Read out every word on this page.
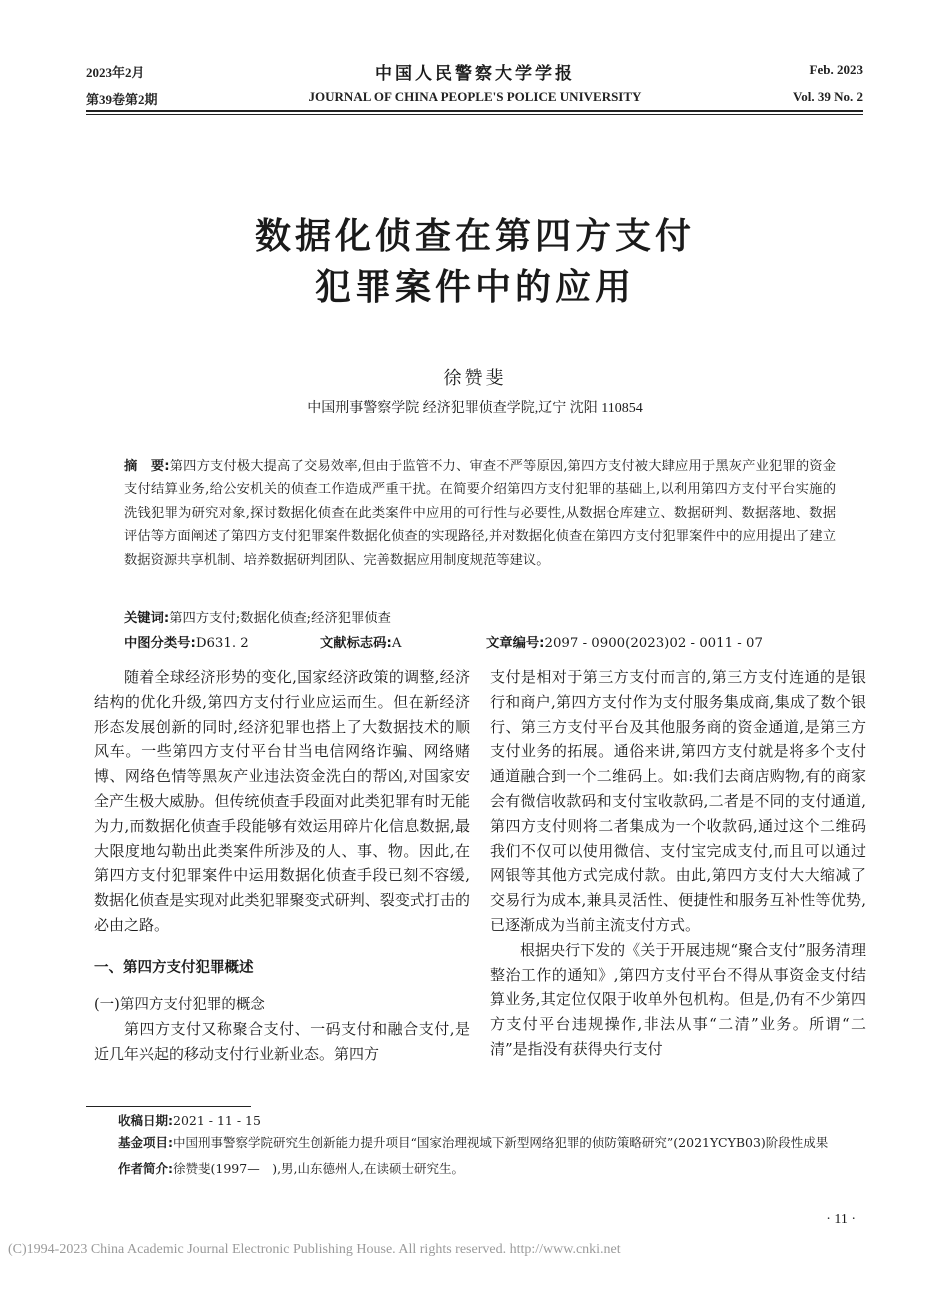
2023年2月
第39卷第2期
中国人民警察大学学报
JOURNAL OF CHINA PEOPLE'S POLICE UNIVERSITY
Feb. 2023
Vol. 39 No. 2
数据化侦查在第四方支付
犯罪案件中的应用
徐赞斐
中国刑事警察学院 经济犯罪侦查学院,辽宁 沈阳 110854
摘　要:第四方支付极大提高了交易效率,但由于监管不力、审查不严等原因,第四方支付被大肆应用于黑灰产业犯罪的资金支付结算业务,给公安机关的侦查工作造成严重干扰。在简要介绍第四方支付犯罪的基础上,以利用第四方支付平台实施的洗钱犯罪为研究对象,探讨数据化侦查在此类案件中应用的可行性与必要性,从数据仓库建立、数据研判、数据落地、数据评估等方面阐述了第四方支付犯罪案件数据化侦查的实现路径,并对数据化侦查在第四方支付犯罪案件中的应用提出了建立数据资源共享机制、培养数据研判团队、完善数据应用制度规范等建议。
关键词:第四方支付;数据化侦查;经济犯罪侦查
中图分类号:D631. 2	文献标志码:A	文章编号:2097 - 0900(2023)02 - 0011 - 07

随着全球经济形势的变化,国家经济政策的调整,经济结构的优化升级,第四方支付行业应运而生。但在新经济形态发展创新的同时,经济犯罪也搭上了大数据技术的顺风车。一些第四方支付平台甘当电信网络诈骗、网络赌博、网络色情等黑灰产业违法资金洗白的帮凶,对国家安全产生极大威胁。但传统侦查手段面对此类犯罪有时无能为力,而数据化侦查手段能够有效运用碎片化信息数据,最大限度地勾勒出此类案件所涉及的人、事、物。因此,在第四方支付犯罪案件中运用数据化侦查手段已刻不容缓,数据化侦查是实现对此类犯罪聚变式研判、裂变式打击的必由之路。

一、第四方支付犯罪概述
(一)第四方支付犯罪的概念

第四方支付又称聚合支付、一码支付和融合支付,是近几年兴起的移动支付行业新业态。第四方

支付是相对于第三方支付而言的,第三方支付连通的是银行和商户,第四方支付作为支付服务集成商,集成了数个银行、第三方支付平台及其他服务商的资金通道,是第三方支付业务的拓展。通俗来讲,第四方支付就是将多个支付通道融合到一个二维码上。如:我们去商店购物,有的商家会有微信收款码和支付宝收款码,二者是不同的支付通道,第四方支付则将二者集成为一个收款码,通过这个二维码我们不仅可以使用微信、支付宝完成支付,而且可以通过网银等其他方式完成付款。由此,第四方支付大大缩减了交易行为成本,兼具灵活性、便捷性和服务互补性等优势,已逐渐成为当前主流支付方式。

根据央行下发的《关于开展违规“聚合支付”服务清理整治工作的通知》,第四方支付平台不得从事资金支付结算业务,其定位仅限于收单外包机构。但是,仍有不少第四方支付平台违规操作,非法从事“二清”业务。所谓“二清”是指没有获得央行支付

收稿日期:2021 - 11 - 15
基金项目:中国刑事警察学院研究生创新能力提升项目“国家治理视域下新型网络犯罪的侦防策略研究”(2021YCYB03)阶段性成果
作者简介:徐赞斐(1997—　),男,山东德州人,在读硕士研究生。
· 11 ·
(C)1994-2023 China Academic Journal Electronic Publishing House. All rights reserved. http://www.cnki.net
